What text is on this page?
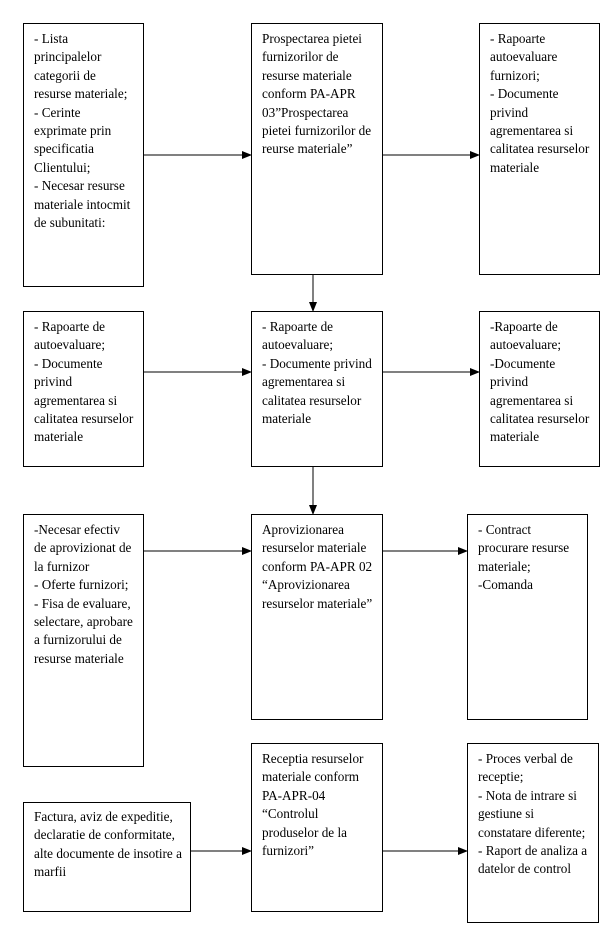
- Lista principalelor categorii de resurse materiale;
- Cerinte exprimate prin specificatia Clientului;
- Necesar resurse materiale intocmit de subunitati:
Prospectarea pietei furnizorilor de resurse materiale conform PA-APR 03”Prospectarea pietei furnizorilor de reurse materiale”
- Rapoarte autoevaluare furnizori;
- Documente privind agrementarea si calitatea resurselor materiale
- Rapoarte de autoevaluare;
- Documente privind agrementarea si calitatea resurselor materiale
- Rapoarte de autoevaluare;
- Documente privind agrementarea si calitatea resurselor materiale
-Rapoarte de autoevaluare;
-Documente privind agrementarea si calitatea resurselor materiale
-Necesar efectiv de aprovizionat de la furnizor
- Oferte furnizori;
- Fisa de evaluare, selectare, aprobare a furnizorului de resurse materiale
Aprovizionarea resurselor materiale conform PA-APR 02 “Aprovizionarea resurselor materiale”
- Contract procurare resurse materiale;
-Comanda
Factura, aviz de expeditie, declaratie de conformitate, alte documente de insotire a marfii
Receptia resurselor materiale conform PA-APR-04 “Controlul produselor de la furnizori”
- Proces verbal de receptie;
- Nota de intrare si gestiune si constatare diferente;
- Raport de analiza a datelor de control
